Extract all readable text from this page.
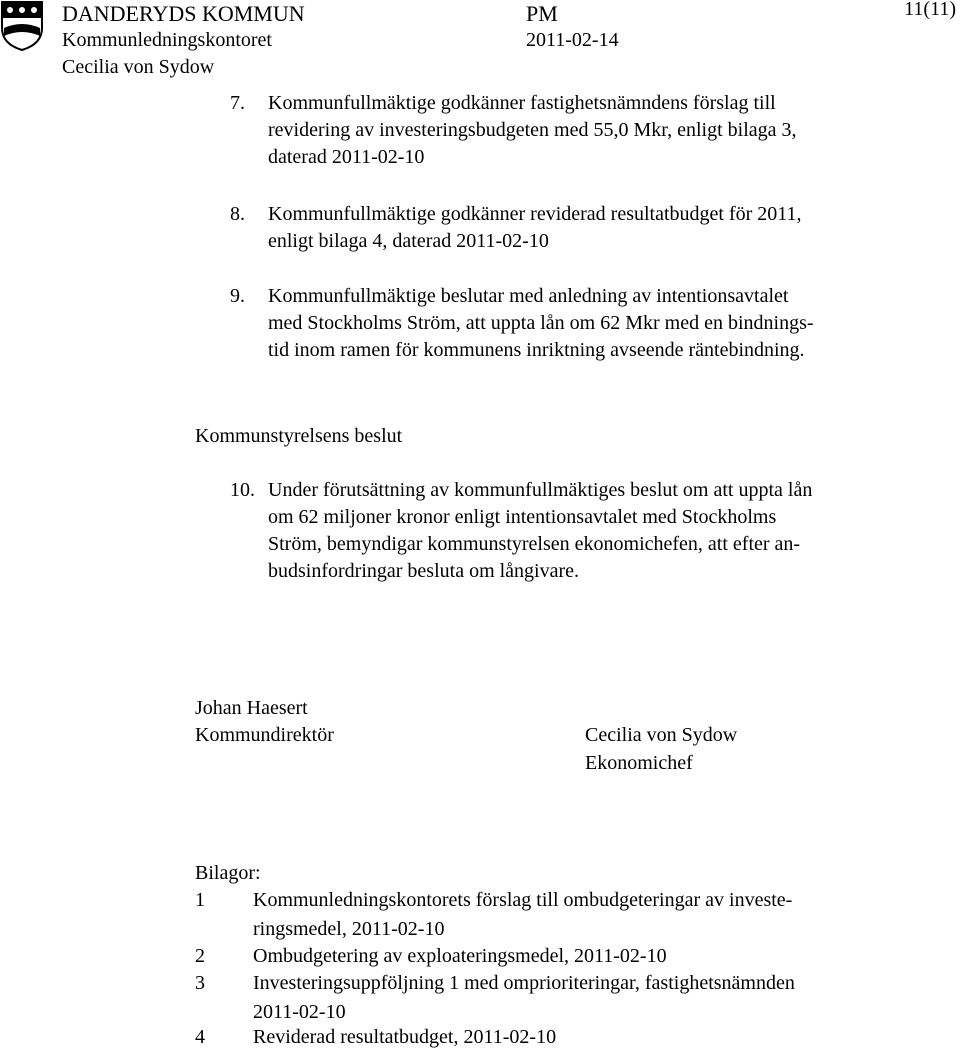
DANDERYDS KOMMUN	PM	11(11)
Kommunledningskontoret	2011-02-14
Cecilia von Sydow
7. Kommunfullmäktige godkänner fastighetsnämndens förslag till
revidering av investeringsbudgeten med 55,0 Mkr, enligt bilaga 3,
daterad 2011-02-10
8. Kommunfullmäktige godkänner reviderad resultatbudget för 2011,
enligt bilaga 4, daterad 2011-02-10
9. Kommunfullmäktige beslutar med anledning av intentionsavtalet
med Stockholms Ström, att uppta lån om 62 Mkr med en bindnings-
tid inom ramen för kommunens inriktning avseende räntebindning.
Kommunstyrelsens beslut
10. Under förutsättning av kommunfullmäktiges beslut om att uppta lån
om 62 miljoner kronor enligt intentionsavtalet med Stockholms
Ström, bemyndigar kommunstyrelsen ekonomichefen, att efter an-
budsinfordringar besluta om långivare.
Johan Haesert
Kommundirektör	Cecilia von Sydow
Ekonomichef
Bilagor:
1 Kommunledningskontorets förslag till ombudgeteringar av investe-
ringsmedel, 2011-02-10
2 Ombudgetering av exploateringsmedel, 2011-02-10
3 Investeringsuppföljning 1 med omprioriteringar, fastighetsnämnden
2011-02-10
4 Reviderad resultatbudget, 2011-02-10
